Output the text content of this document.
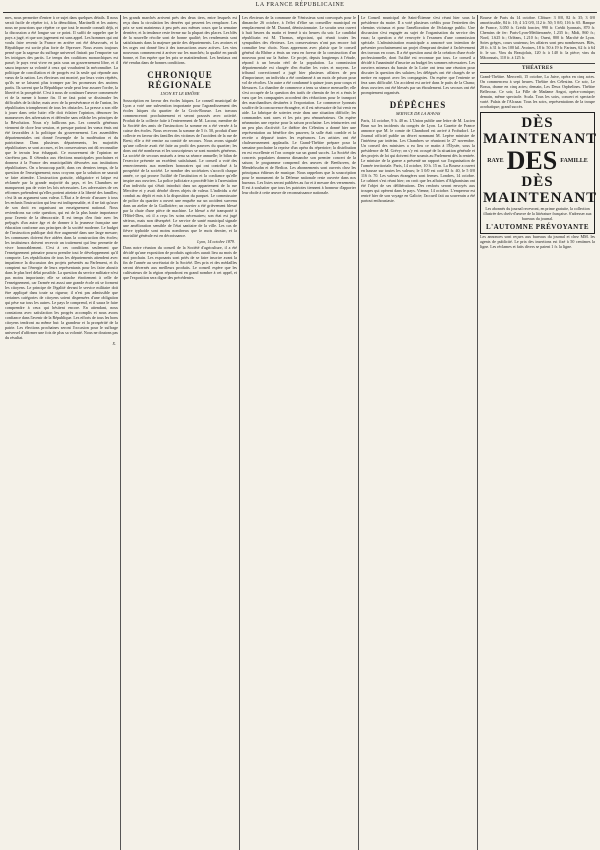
LA FRANCE RÉPUBLICAINE
mes, nous permettre d'entrer à ce sujet dans quelques détails. Il nous serait facile de répéter ici, à la démolition, Martinelli et les autres; nous ne pourrions que répéter ce que tout le monde connaît déjà, et la discussion a été longue sur ce point. Il suffit de rappeler que le pays a jugé, et que son jugement est sans appel. Les hommes qui ont voulu faire revenir la France en arrière ont été désavoués, et la République est sortie plus forte de l'épreuve. Nous avons toujours pensé que la sagesse du suffrage universel finirait par l'emporter sur les intrigues des partis. Le temps des coalitions monarchiques est passé; le pays veut vivre en paix sous un gouvernement libre, et il saura imposer sa volonté à ceux qui voudraient la méconnaître. La politique de conciliation et de progrès est la seule qui réponde aux vœux de la nation. Les électeurs ont montré, par leurs votes répétés, qu'ils ne se laissent plus tromper par les promesses des anciens partis. Ils savent que la République seule peut leur assurer l'ordre, la liberté et la prospérité. C'est à nous de continuer l'œuvre commencée et de la mener à bonne fin. Il ne faut point se dissimuler les difficultés de la tâche; mais avec de la persévérance et de l'union, les républicains triompheront de tous les obstacles. La presse a son rôle à jouer dans cette lutte: elle doit éclairer l'opinion, dénoncer les manœuvres des adversaires et défendre sans relâche les principes de la Révolution. Nous n'y faillirons pas. Les conseils généraux viennent de clore leur session, et presque partout les vœux émis ont été favorables à la politique du gouvernement. Les assemblées départementales ont donné l'exemple de la modération et du patriotisme. Dans plusieurs départements, les majorités républicaines se sont accrues, et les conservateurs ont dû reconnaître que le terrain leur échappait. Ce mouvement de l'opinion ne s'arrêtera pas. Il s'étendra aux élections municipales prochaines et donnera à la France des municipalités dévouées aux institutions républicaines. On a beaucoup parlé, dans ces derniers temps, de la question de l'enseignement; nous croyons que la solution ne saurait se faire attendre. L'instruction gratuite, obligatoire et laïque est réclamée par la grande majorité du pays, et les Chambres ne manqueront pas de voter les lois nécessaires. Les adversaires de ces réformes prétendent qu'elles portent atteinte à la liberté des familles; c'est là un argument sans valeur. L'État a le devoir d'assurer à tous les enfants l'instruction qui leur est indispensable, et il ne fait qu'user de son droit en organisant un enseignement national. Nous reviendrons sur cette question, qui est de la plus haute importance pour l'avenir de la démocratie. Il est temps d'en finir avec les préjugés d'un autre âge et de donner à la jeunesse française une éducation conforme aux principes de la société moderne. Le budget de l'instruction publique doit être augmenté dans une large mesure; les communes doivent être aidées dans la construction des écoles; les instituteurs doivent recevoir un traitement qui leur permette de vivre honorablement. C'est à ces conditions seulement que l'enseignement primaire pourra prendre tout le développement qu'il comporte. Les républicains de tous les départements attendent avec impatience la discussion des projets présentés au Parlement, et ils comptent sur l'énergie de leurs représentants pour les faire aboutir dans le plus bref délai possible. La question du service militaire n'est pas moins importante; elle se rattache étroitement à celle de l'enseignement, car l'armée est aussi une grande école où se forment les citoyens. Le principe de l'égalité devant le service militaire doit être appliqué dans toute sa rigueur; il n'est pas admissible que certaines catégories de citoyens soient dispensées d'une obligation qui pèse sur tous les autres. Le pays le comprend, et il saura le faire comprendre à ceux qui hésitent encore. En attendant, nous constatons avec satisfaction les progrès accomplis et nous avons confiance dans l'avenir de la République. Les efforts de tous les bons citoyens tendront au même but: la grandeur et la prospérité de la patrie. Les élections prochaines seront l'occasion pour le suffrage universel d'affirmer une fois de plus sa volonté. Nous ne doutons pas du résultat.
X.
les grands marchés arrivent près des deux tiers, entre lesquels est reçu dans la circulation les denrées qui peuvent les remplacer. Les prix se sont maintenus à peu près aux mêmes cours que la semaine dernière, et la tendance reste ferme sur la plupart des places. Les blés de la nouvelle récolte sont de bonne qualité; les rendements sont satisfaisants dans la majeure partie des départements. Les avoines et les orges ont donné lieu à des transactions assez actives. Les vins nouveaux commencent à arriver sur les marchés; la qualité en paraît bonne, et l'on espère que les prix se maintiendront. Les bestiaux ont été vendus dans de bonnes conditions.
CHRONIQUE RÉGIONALE
LYON ET LE RHÔNE
Souscription en faveur des écoles laïques. Le conseil municipal de Lyon a voté une subvention importante pour l'agrandissement des écoles laïques du quartier de la Croix-Rousse. Les travaux commenceront prochainement et seront poussés avec activité. Produit de la collecte faite à l'enterrement de M. Lacour, membre de la Société des amis de l'instruction: la somme en a été versée à la caisse des écoles. Nous recevons la somme de 5 fr. 50, produit d'une collecte en faveur des familles des victimes de l'accident de la rue de Brest; elle a été remise au comité de secours. Nous avons signalé qu'une collecte avait été faite au profit des pauvres du quartier; les dons ont été nombreux et les souscripteurs se sont montrés généreux. La société de secours mutuels a tenu sa séance annuelle; le bilan de l'exercice présente un excédent satisfaisant. Le conseil a voté des remerciements aux membres honoraires qui ont contribué à la prospérité de la société. Le nombre des sociétaires s'accroît chaque année, ce qui prouve l'utilité de l'institution et la confiance qu'elle inspire aux ouvriers. La police judiciaire a procédé hier à l'arrestation d'un individu qui s'était introduit dans un appartement de la rue Mercière et y avait dérobé divers objets de valeur. L'individu a été conduit au dépôt et mis à la disposition du parquet. Le commissaire de police du quartier a ouvert une enquête sur un accident survenu dans un atelier de la Guillotière; un ouvrier a été grièvement blessé par la chute d'une pièce de machine. Le blessé a été transporté à l'Hôtel-Dieu, où il a reçu les soins nécessaires; son état est jugé sérieux, mais non désespéré. Le service de santé municipal signale une amélioration sensible de l'état sanitaire de la ville. Les cas de fièvre typhoïde sont moins nombreux que le mois dernier, et la mortalité générale est en décroissance.
Lyon, 14 octobre 1879.
Dans notre réunion du conseil de la Société d'agriculture, il a été décidé qu'une exposition de produits agricoles aurait lieu au mois de mai prochain. Les exposants sont priés de se faire inscrire avant la fin de l'année au secrétariat de la Société. Des prix et des médailles seront décernés aux meilleurs produits. Le conseil espère que les cultivateurs de la région répondront en grand nombre à cet appel, et que l'exposition sera digne des précédentes.
Les électeurs de la commune de Vénissieux sont convoqués pour le dimanche 26 octobre, à l'effet d'élire un conseiller municipal en remplacement de M. Durand, démissionnaire. Le scrutin sera ouvert à huit heures du matin et fermé à six heures du soir. Le candidat républicain est M. Thomas, négociant, qui réunit toutes les sympathies des électeurs. Les conservateurs n'ont pas encore fait connaître leur choix. Nous apprenons avec plaisir que le conseil général du Rhône a émis un vœu en faveur de la construction d'un nouveau pont sur la Saône. Ce projet, depuis longtemps à l'étude, répond à un besoin réel de la population. La commission départementale est chargée d'en étudier les voies et moyens. Le tribunal correctionnel a jugé hier plusieurs affaires de peu d'importance; un individu a été condamné à un mois de prison pour vol de récoltes. Un autre a été condamné à quinze jours pour coups et blessures. La chambre de commerce a tenu sa séance mensuelle; elle s'est occupée de la question des tarifs de chemin de fer et a émis le vœu que les compagnies accordent des réductions pour le transport des marchandises destinées à l'exportation. Le commerce lyonnais souffre de la concurrence étrangère, et il est nécessaire de lui venir en aide. La fabrique de soieries reste dans une situation difficile; les commandes sont rares et les prix peu rémunérateurs. On espère néanmoins une reprise pour la saison prochaine. Les teintureries ont un peu plus d'activité. Le théâtre des Célestins a donné hier une représentation au bénéfice des pauvres; la salle était comble et la recette a dépassé toutes les espérances. Les artistes ont été chaleureusement applaudis. Le Grand-Théâtre prépare pour la semaine prochaine la reprise d'un opéra du répertoire; la distribution en est excellente et l'on compte sur un grand succès. La Société des concerts populaires donnera dimanche son premier concert de la saison; le programme comprend des œuvres de Beethoven, de Mendelssohn et de Berlioz. Les abonnements sont ouverts chez les principaux éditeurs de musique. Nous rappelons que la souscription pour le monument de la Défense nationale reste ouverte dans nos bureaux. Les listes seront publiées au fur et à mesure des versements. Il est à souhaiter que tous les patriotes tiennent à honneur d'apporter leur obole à cette œuvre de reconnaissance nationale.
Le Conseil municipal de Saint-Étienne s'est réuni hier sous la présidence du maire. Il a voté plusieurs crédits pour l'entretien des chemins vicinaux et pour l'amélioration de l'éclairage public. Une discussion s'est engagée au sujet de l'organisation du service des eaux; la question a été renvoyée à l'examen d'une commission spéciale. L'administration municipale a annoncé son intention de présenter prochainement un projet d'emprunt destiné à l'achèvement des travaux en cours. Il a été question aussi de la création d'une école professionnelle, dont l'utilité est reconnue par tous. Le conseil a décidé à l'unanimité d'inscrire au budget les sommes nécessaires. Les ouvriers mineurs du bassin de la Loire ont tenu une réunion pour discuter la question des salaires; les délégués ont été chargés de se mettre en rapport avec les compagnies. On espère que l'entente se fera sans difficulté. Un accident est arrivé dans le puits de la Chana; deux ouvriers ont été blessés par un éboulement. Les secours ont été promptement organisés.
DÉPÊCHES
SERVICE DE LA HAVAS
Paris, 14 octobre, 9 h. 40 m. L'Union publie une lettre de M. Lucien Brun sur les incidents du congrès de Lyon. La Gazette de France annonce que M. le comte de Chambord est arrivé à Frohsdorf. Le Journal officiel publie un décret nommant M. Lepère ministre de l'intérieur par intérim. Les Chambres se réuniront le 27 novembre. Un conseil des ministres a eu lieu ce matin à l'Élysée, sous la présidence de M. Grévy; on s'y est occupé de la situation générale et des projets de loi qui doivent être soumis au Parlement dès la rentrée. Le ministre de la guerre a présenté un rapport sur l'organisation de l'armée territoriale. Paris, 14 octobre, 10 h. 15 m. La Bourse a ouvert en hausse sur toutes les valeurs; le 3 0/0 est coté 82 fr. 40, le 5 0/0 116 fr. 70. Les valeurs étrangères sont fermes. Londres, 14 octobre. Le cabinet s'est réuni hier; on croit que les affaires d'Afghanistan ont été l'objet de ses délibérations. Des renforts seront envoyés aux troupes qui opèrent dans le pays. Vienne, 14 octobre. L'empereur est rentré hier de son voyage en Galicie; l'accueil fait au souverain a été partout enthousiaste.
Bourse de Paris du 14 octobre. Clôture: 3 0/0, 82 fr. 35; 3 0/0 amortissable, 84 fr. 10; 4 1/2 0/0, 112 fr. 50; 5 0/0, 116 fr. 65. Banque de France, 3.050 fr. Crédit foncier, 990 fr. Crédit lyonnais, 870 fr. Chemins de fer: Paris-Lyon-Méditerranée, 1.235 fr.; Midi, 860 fr.; Nord, 1.625 fr.; Orléans, 1.210 fr.; Ouest, 800 fr. Marché de Lyon. Soies grèges, cours soutenus; les affaires sont peu nombreuses. Blés, 28 fr. à 31 fr. les 100 kil. Avoines, 18 fr. 50 à 19 fr. Farines, 62 fr. à 64 fr. le sac. Vins du Beaujolais, 120 fr. à 140 fr. la pièce; vins du Mâconnais, 110 fr. à 125 fr.
THÉATRES
Grand-Théâtre. Mercredi, 15 octobre, La Juive, opéra en cinq actes. On commencera à sept heures. Théâtre des Célestins. Ce soir, Le Bossu, drame en cinq actes; demain, Les Deux Orphelines. Théâtre Bellecour. Ce soir, La Fille de Madame Angot, opéra-comique; demain, même spectacle. Scala. Tous les soirs, concert et spectacle varié. Palais de l'Alcazar. Tous les soirs, représentations de la troupe acrobatique; grand succès.
DÈS MAINTENANT
RAYE DES FAMILLE
DÈS MAINTENANT
Les abonnés du journal recevront, en prime gratuite, la collection illustrée des chefs-d'œuvre de la littérature française. S'adresser aux bureaux du journal.
L'AUTOMNE PRÉVOYANTE
Les annonces sont reçues aux bureaux du journal et chez MM. les agents de publicité. Le prix des insertions est fixé à 50 centimes la ligne. Les réclames et faits divers se paient 1 fr. la ligne.
